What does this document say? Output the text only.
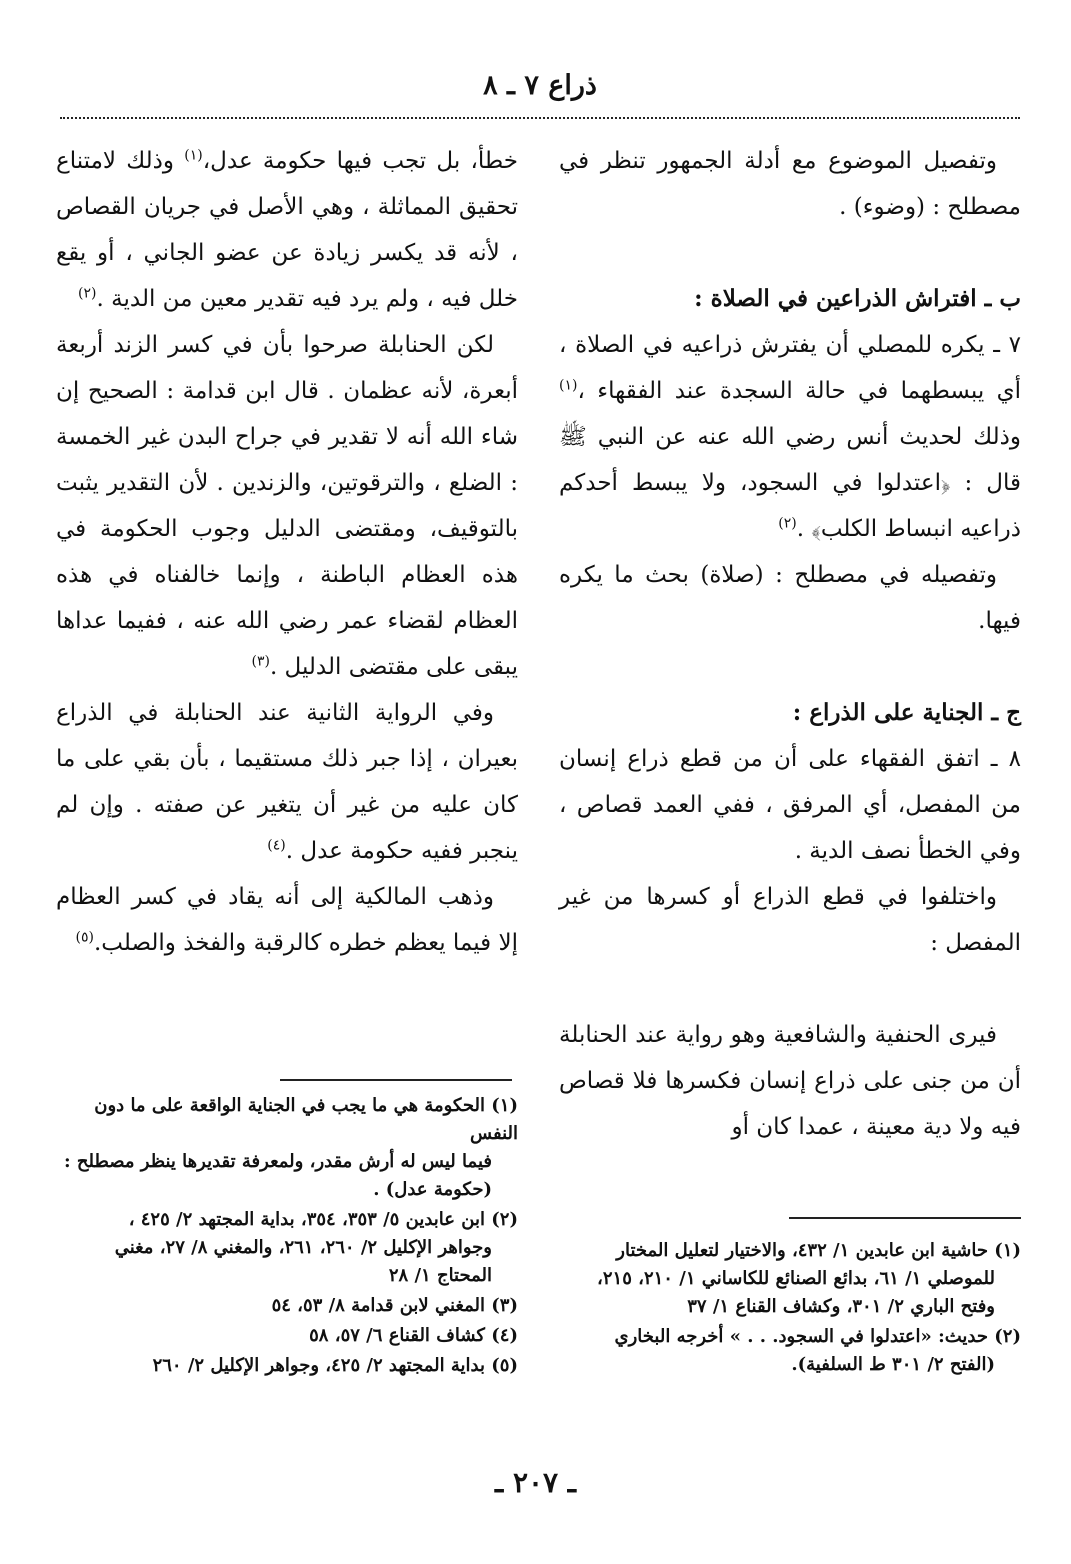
ذراع ٧ ـ ٨

وتفصيل الموضوع مع أدلة الجمهور تنظر في مصطلح : (وضوء) .

ب ـ افتراش الذراعين في الصلاة :

٧ ـ يكره للمصلي أن يفترش ذراعيه في الصلاة ، أي يبسطهما في حالة السجدة عند الفقهاء ،$^{(١)}$ وذلك لحديث أنس رضي الله عنه عن النبي ﷺ قال : ﴿اعتدلوا في السجود، ولا يبسط أحدكم ذراعيه انبساط الكلب﴾ .$^{(٢)}$

وتفصيله في مصطلح : (صلاة) بحث ما يكره فيها.

ج ـ الجناية على الذراع :

٨ ـ اتفق الفقهاء على أن من قطع ذراع إنسان من المفصل، أي المرفق ، ففي العمد قصاص ، وفي الخطأ نصف الدية .

واختلفوا في قطع الذراع أو كسرها من غير المفصل :

فيرى الحنفية والشافعية وهو رواية عند الحنابلة أن من جنى على ذراع إنسان فكسرها فلا قصاص فيه ولا دية معينة ، عمدا كان أو

خطأ، بل تجب فيها حكومة عدل،$^{(١)}$ وذلك لامتناع تحقيق المماثلة ، وهي الأصل في جريان القصاص ، لأنه قد يكسر زيادة عن عضو الجاني ، أو يقع خلل فيه ، ولم يرد فيه تقدير معين من الدية .$^{(٢)}$

لكن الحنابلة صرحوا بأن في كسر الزند أربعة أبعرة، لأنه عظمان . قال ابن قدامة : الصحيح إن شاء الله أنه لا تقدير في جراح البدن غير الخمسة : الضلع ، والترقوتين، والزندين . لأن التقدير يثبت بالتوقيف، ومقتضى الدليل وجوب الحكومة في هذه العظام الباطنة ، وإنما خالفناه في هذه العظام لقضاء عمر رضي الله عنه ، ففيما عداها يبقى على مقتضى الدليل .$^{(٣)}$

وفي الرواية الثانية عند الحنابلة في الذراع بعيران ، إذا جبر ذلك مستقيما ، بأن بقي على ما كان عليه من غير أن يتغير عن صفته . وإن لم ينجبر ففيه حكومة عدل .$^{(٤)}$

وذهب المالكية إلى أنه يقاد في كسر العظام إلا فيما يعظم خطره كالرقبة والفخذ والصلب.$^{(٥)}$

(١) الحكومة هي ما يجب في الجناية الواقعة على ما دون النفس
فيما ليس له أرش مقدر، ولمعرفة تقديرها ينظر مصطلح : (حكومة عدل) .

(٢) ابن عابدين ٥/ ٣٥٣، ٣٥٤، بداية المجتهد ٢/ ٤٢٥ ،
وجواهر الإكليل ٢/ ٢٦٠، ٢٦١، والمغني ٨/ ٢٧، مغني المحتاج ١/ ٢٨

(٣) المغني لابن قدامة ٨/ ٥٣، ٥٤

(٤) كشاف القناع ٦/ ٥٧، ٥٨

(٥) بداية المجتهد ٢/ ٤٢٥، وجواهر الإكليل ٢/ ٢٦٠

(١) حاشية ابن عابدين ١/ ٤٣٢، والاختيار لتعليل المختار
للموصلي ١/ ٦١، بدائع الصنائع للكاساني ١/ ٢١٠، ٢١٥، وفتح الباري ٢/ ٣٠١، وكشاف القناع ١/ ٣٧

(٢) حديث: «اعتدلوا في السجود. . . » أخرجه البخاري
(الفتح ٢/ ٣٠١ ط السلفية).

ـ ٢٠٧ ـ
